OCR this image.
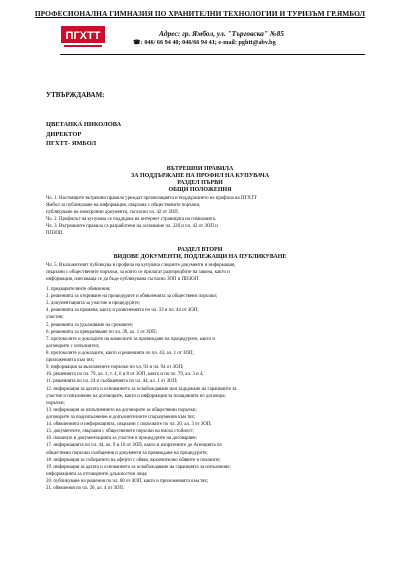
ПРОФЕСИОНАЛНА ГИМНАЗИЯ ПО ХРАНИТЕЛНИ ТЕХНОЛОГИИ И ТУРИЗЪМ ГР.ЯМБОЛ
ПГХТТ	Адрес: гр. Ямбол, ул. "Търговска" №85
☎: 046/ 66 94 40; 046/66 94 41; e-mail: pghtt@abv.bg
УТВЪРЖДАВАМ:
ЦВЕТАНКА НИКОЛОВА
ДИРЕКТОР
ПГХТТ- ЯМБОЛ
ВЪТРЕШНИ ПРАВИЛА
ЗА ПОДДЪРЖАНЕ НА ПРОФИЛ НА КУПУВАЧА
РАЗДЕЛ ПЪРВИ
ОБЩИ ПОЛОЖЕНИЯ
Чл. 1. Настоящите вътрешни правила уреждат организацията и поддържането на профила на ПГХТТ
Ямбол за публикуване на информация, свързана с обществените поръчки,
публикуване на електронни документи, съгласно чл. 42 от ЗОП.
Чл. 2. Профилът на купувача се поддържа на интернет страницата на гимназията.
Чл. 3. Вътрешните правила са разработени на основание чл. 22б и чл. 42 от ЗОП и
ППЗОП.
РАЗДЕЛ ВТОРИ
ВИДОВЕ ДОКУМЕНТИ, ПОДЛЕЖАЩИ НА ПУБЛИКУВАНЕ
Чл. 5. Възложителят публикува в профила на купувача следните документи и информация,
свързани с обществените поръчки, за които се прилагат разпоредбите на закона, както и
информация, изискваща се да бъде публикувана съгласно ЗОП и ППЗОП:
1. предварителните обявления;
2. решенията за откриване на процедурите и обявленията за обществени поръчки;
3. документацията за участие в процедурите;
4. решенията за промяна, както и разясненията по чл. 33 и чл. 44 от ЗОП;
участие;
5. решенията за удължаване на сроковете;
6. решенията за прекратяване по чл. 39, ал. 1 от ЗОП;
7. протоколите и докладите на комисиите за провеждане на процедурите, както и
договорите с изпълнител;
8. протоколите и докладите, както и решенията по чл. 43, ал. 1 от ЗОП;
приложенията към тях;
9. информация за възложените поръчки по чл. 93 и чл. 94 от ЗОП;
10. решенията по чл. 79, ал. 1, т. 4, 6 и 8 от ЗОП, както и по чл. 79, ал. 3 и 4;
11. решенията по чл. 24 и съобщенията по чл. 44, ал. 1 от ЗОП;
12. информация за датата и основанието за освобождаване или задържане на гаранциите за
участие и изпълнение на договорите, както и информация за плащанията по договора;
поръчки;
13. информация за изпълнението на договорите за обществени поръчки;
договорите за подизпълнение и допълнителните споразумения към тях;
14. обявленията и информацията, свързани с поръчките по чл. 20, ал. 3 от ЗОП;
15. документите, свързани с обществените поръчки на ниска стойност;
16. поканите и документацията за участие в процедурите на договаряне;
17. информацията по чл. 44, ал. 9 и 10 от ЗОП, както и изпратените до Агенцията по
обществени поръчки съобщения и документи за провеждане на процедурите;
18. информация за събирането на оферти с обява, включително обявите и поканите;
19. информация за датата и основанието за освобождаване на гаранцията за изпълнение;
информацията за отговорните длъжностни лица;
20. публикуване на решения по чл. 60 от ЗОП, както и приложенията към тях;
21. обявления по чл. 20, ал. 4 от ЗОП.
